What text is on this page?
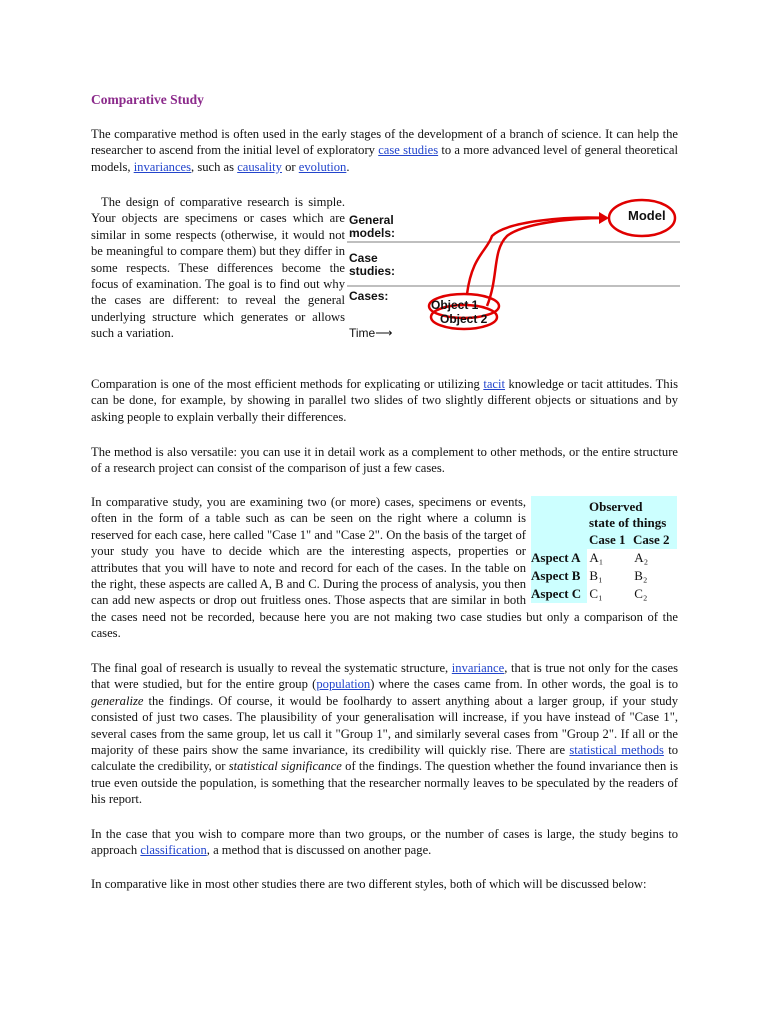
Comparative Study
The comparative method is often used in the early stages of the development of a branch of science. It can help the researcher to ascend from the initial level of exploratory case studies to a more advanced level of general theoretical models, invariances, such as causality or evolution.
The design of comparative research is simple. Your objects are specimens or cases which are similar in some respects (otherwise, it would not be meaningful to compare them) but they differ in some respects. These differences become the focus of examination. The goal is to find out why the cases are different: to reveal the general underlying structure which generates or allows such a variation.
General models:
Case studies:
Cases:
Time⟶
Model
Object 1
Object 2
Comparation is one of the most efficient methods for explicating or utilizing tacit knowledge or tacit attitudes. This can be done, for example, by showing in parallel two slides of two slightly different objects or situations and by asking people to explain verbally their differences.
The method is also versatile: you can use it in detail work as a complement to other methods, or the entire structure of a research project can consist of the comparison of just a few cases.
In comparative study, you are examining two (or more) cases, specimens or events, often in the form of a table such as can be seen on the right where a column is reserved for each case, here called "Case 1" and "Case 2". On the basis of the target of your study you have to decide which are the interesting aspects, properties or attributes that you will have to note and record for each of the cases. In the table on the right, these aspects are called A, B and C. During the process of analysis, you then can add new aspects or drop out fruitless ones. Those aspects that are similar in both the cases need not be recorded, because here you are not making two case studies but only a comparison of the cases.
Observed
state of things
Case 1 Case 2
Aspect A A₁	A₂
Aspect B B₁	B₂
Aspect C C₁	C₂
The final goal of research is usually to reveal the systematic structure, invariance, that is true not only for the cases that were studied, but for the entire group (population) where the cases came from. In other words, the goal is to generalize the findings. Of course, it would be foolhardy to assert anything about a larger group, if your study consisted of just two cases. The plausibility of your generalisation will increase, if you have instead of "Case 1", several cases from the same group, let us call it "Group 1", and similarly several cases from "Group 2". If all or the majority of these pairs show the same invariance, its credibility will quickly rise. There are statistical methods to calculate the credibility, or statistical significance of the findings. The question whether the found invariance then is true even outside the population, is something that the researcher normally leaves to be speculated by the readers of his report.
In the case that you wish to compare more than two groups, or the number of cases is large, the study begins to approach classification, a method that is discussed on another page.
In comparative like in most other studies there are two different styles, both of which will be discussed below:
